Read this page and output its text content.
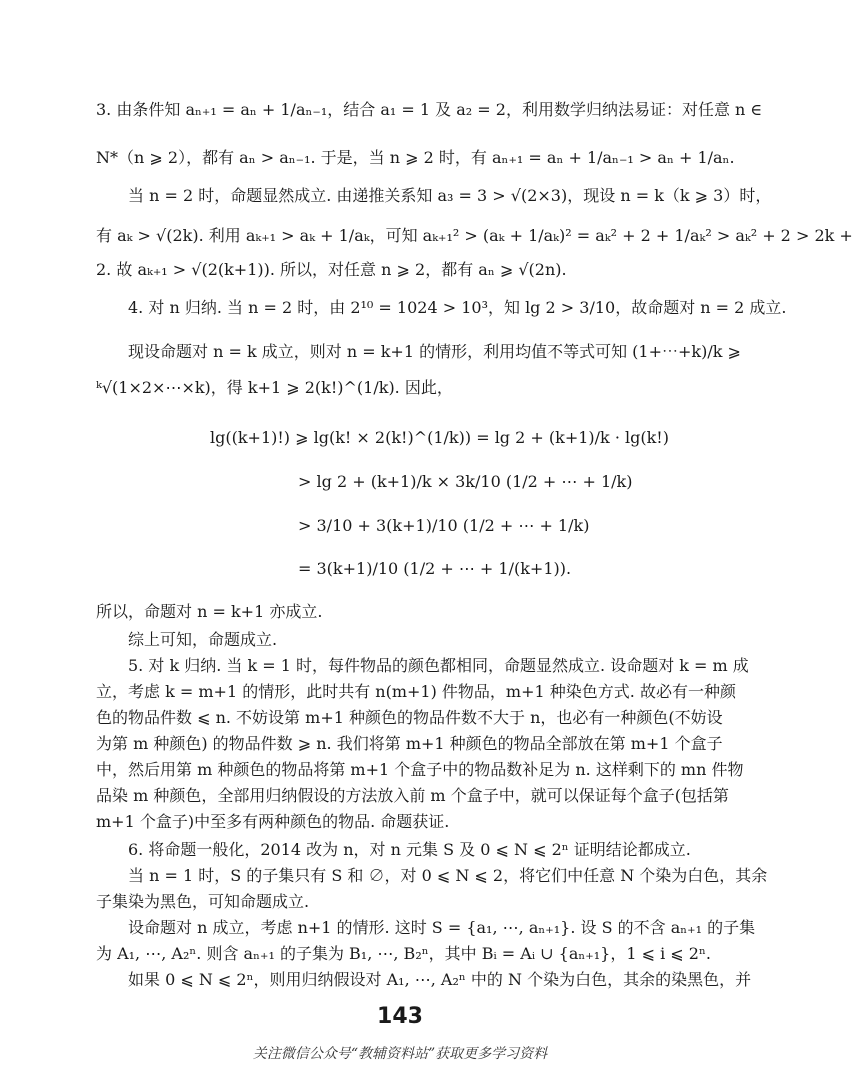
3. 由条件知 aₙ₊₁ = aₙ + 1/aₙ₋₁，结合 a₁ = 1 及 a₂ = 2，利用数学归纳法易证：对任意 n ∈
N*（n ⩾ 2），都有 aₙ > aₙ₋₁. 于是，当 n ⩾ 2 时，有 aₙ₊₁ = aₙ + 1/aₙ₋₁ > aₙ + 1/aₙ.
当 n = 2 时，命题显然成立. 由递推关系知 a₃ = 3 > √(2×3)，现设 n = k（k ⩾ 3）时，
有 aₖ > √(2k). 利用 aₖ₊₁ > aₖ + 1/aₖ，可知 aₖ₊₁² > (aₖ + 1/aₖ)² = aₖ² + 2 + 1/aₖ² > aₖ² + 2 > 2k +
2. 故 aₖ₊₁ > √(2(k+1)). 所以，对任意 n ⩾ 2，都有 aₙ ⩾ √(2n).
4. 对 n 归纳. 当 n = 2 时，由 2¹⁰ = 1024 > 10³，知 lg 2 > 3/10，故命题对 n = 2 成立.
现设命题对 n = k 成立，则对 n = k+1 的情形，利用均值不等式可知 (1+⋯+k)/k ⩾
ᵏ√(1×2×⋯×k)，得 k+1 ⩾ 2(k!)^(1/k). 因此，
lg((k+1)!) ⩾ lg(k! × 2(k!)^(1/k)) = lg 2 + (k+1)/k · lg(k!)
> lg 2 + (k+1)/k × 3k/10 (1/2 + ⋯ + 1/k)
> 3/10 + 3(k+1)/10 (1/2 + ⋯ + 1/k)
= 3(k+1)/10 (1/2 + ⋯ + 1/(k+1)).
所以，命题对 n = k+1 亦成立.
综上可知，命题成立.
5. 对 k 归纳. 当 k = 1 时，每件物品的颜色都相同，命题显然成立. 设命题对 k = m 成
立，考虑 k = m+1 的情形，此时共有 n(m+1) 件物品，m+1 种染色方式. 故必有一种颜
色的物品件数 ⩽ n. 不妨设第 m+1 种颜色的物品件数不大于 n，也必有一种颜色(不妨设
为第 m 种颜色) 的物品件数 ⩾ n. 我们将第 m+1 种颜色的物品全部放在第 m+1 个盒子
中，然后用第 m 种颜色的物品将第 m+1 个盒子中的物品数补足为 n. 这样剩下的 mn 件物
品染 m 种颜色，全部用归纳假设的方法放入前 m 个盒子中，就可以保证每个盒子(包括第
m+1 个盒子)中至多有两种颜色的物品. 命题获证.
6. 将命题一般化，2014 改为 n，对 n 元集 S 及 0 ⩽ N ⩽ 2ⁿ 证明结论都成立.
当 n = 1 时，S 的子集只有 S 和 ∅，对 0 ⩽ N ⩽ 2，将它们中任意 N 个染为白色，其余
子集染为黑色，可知命题成立.
设命题对 n 成立，考虑 n+1 的情形. 这时 S = {a₁, ⋯, aₙ₊₁}. 设 S 的不含 aₙ₊₁ 的子集
为 A₁, ⋯, A₂ⁿ. 则含 aₙ₊₁ 的子集为 B₁, ⋯, B₂ⁿ，其中 Bᵢ = Aᵢ ∪ {aₙ₊₁}，1 ⩽ i ⩽ 2ⁿ.
如果 0 ⩽ N ⩽ 2ⁿ，则用归纳假设对 A₁, ⋯, A₂ⁿ 中的 N 个染为白色，其余的染黑色，并
143
关注微信公众号“教辅资料站”获取更多学习资料
